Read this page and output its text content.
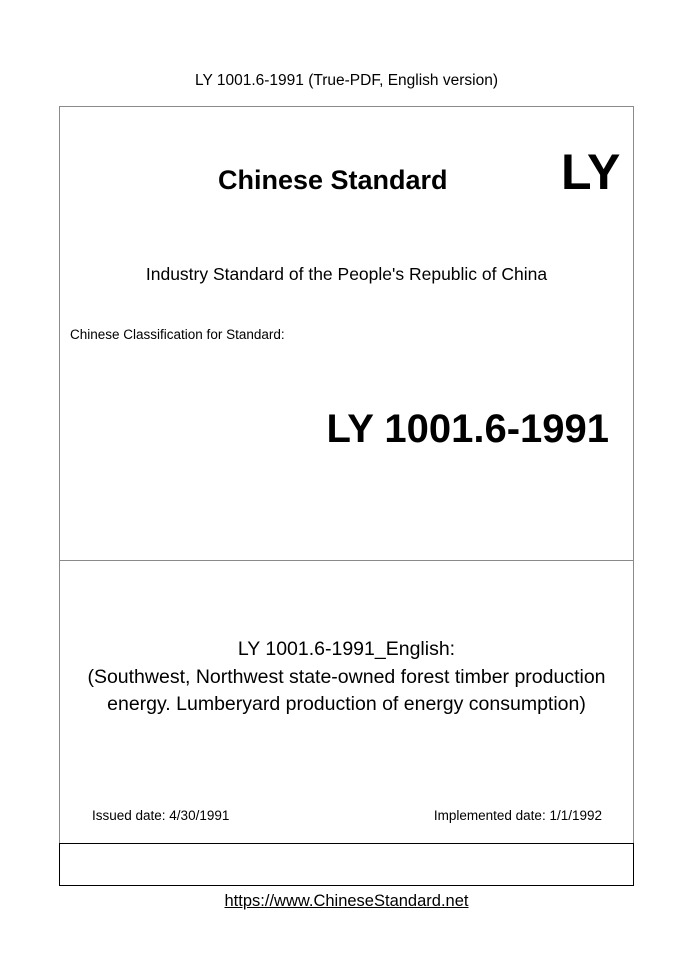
LY 1001.6-1991 (True-PDF, English version)
Chinese Standard LY
Industry Standard of the People's Republic of China
Chinese Classification for Standard:
LY 1001.6-1991
LY 1001.6-1991_English:
(Southwest, Northwest state-owned forest timber production
energy. Lumberyard production of energy consumption)
Issued date: 4/30/1991	Implemented date: 1/1/1992
https://www.ChineseStandard.net
